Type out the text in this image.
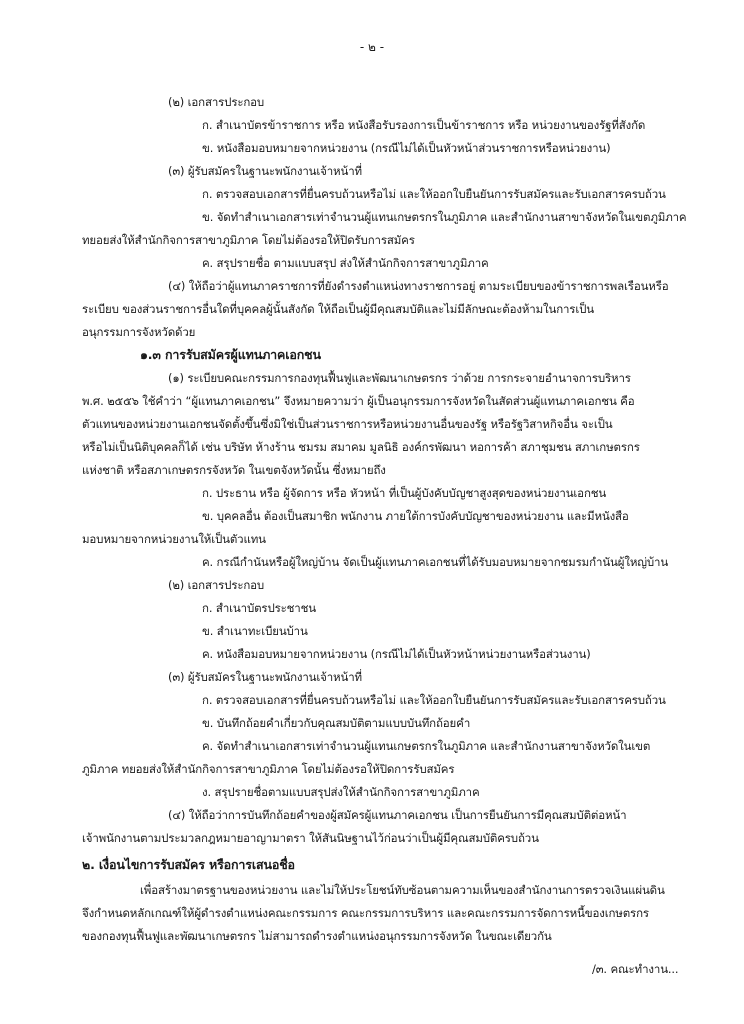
- ๒ -
(๒) เอกสารประกอบ
ก. สำเนาบัตรข้าราชการ หรือ หนังสือรับรองการเป็นข้าราชการ หรือ หน่วยงานของรัฐที่สังกัด
ข. หนังสือมอบหมายจากหน่วยงาน (กรณีไม่ได้เป็นหัวหน้าส่วนราชการหรือหน่วยงาน)
(๓) ผู้รับสมัครในฐานะพนักงานเจ้าหน้าที่
ก. ตรวจสอบเอกสารที่ยื่นครบถ้วนหรือไม่ และให้ออกใบยืนยันการรับสมัครและรับเอกสารครบถ้วน
ข. จัดทำสำเนาเอกสารเท่าจำนวนผู้แทนเกษตรกรในภูมิภาค และสำนักงานสาขาจังหวัดในเขตภูมิภาค
ทยอยส่งให้สำนักกิจการสาขาภูมิภาค โดยไม่ต้องรอให้ปิดรับการสมัคร
ค. สรุปรายชื่อ ตามแบบสรุป ส่งให้สำนักกิจการสาขาภูมิภาค
(๔) ให้ถือว่าผู้แทนภาคราชการที่ยังดำรงตำแหน่งทางราชการอยู่ ตามระเบียบของข้าราชการพลเรือนหรือ
ระเบียบ ของส่วนราชการอื่นใดที่บุคคลผู้นั้นสังกัด ให้ถือเป็นผู้มีคุณสมบัติและไม่มีลักษณะต้องห้ามในการเป็น
อนุกรรมการจังหวัดด้วย
๑.๓ การรับสมัครผู้แทนภาคเอกชน
(๑) ระเบียบคณะกรรมการกองทุนฟื้นฟูและพัฒนาเกษตรกร ว่าด้วย การกระจายอำนาจการบริหาร
พ.ศ. ๒๕๕๖ ใช้คำว่า “ผู้แทนภาคเอกชน” จึงหมายความว่า ผู้เป็นอนุกรรมการจังหวัดในสัดส่วนผู้แทนภาคเอกชน คือ
ตัวแทนของหน่วยงานเอกชนจัดตั้งขึ้นซึ่งมิใช่เป็นส่วนราชการหรือหน่วยงานอื่นของรัฐ หรือรัฐวิสาหกิจอื่น จะเป็น
หรือไม่เป็นนิติบุคคลก็ได้ เช่น บริษัท ห้างร้าน ชมรม สมาคม มูลนิธิ องค์กรพัฒนา หอการค้า สภาชุมชน สภาเกษตรกร
แห่งชาติ หรือสภาเกษตรกรจังหวัด ในเขตจังหวัดนั้น ซึ่งหมายถึง
ก. ประธาน หรือ ผู้จัดการ หรือ หัวหน้า ที่เป็นผู้บังคับบัญชาสูงสุดของหน่วยงานเอกชน
ข. บุคคลอื่น ต้องเป็นสมาชิก พนักงาน ภายใต้การบังคับบัญชาของหน่วยงาน และมีหนังสือ
มอบหมายจากหน่วยงานให้เป็นตัวแทน
ค. กรณีกำนันหรือผู้ใหญ่บ้าน จัดเป็นผู้แทนภาคเอกชนที่ได้รับมอบหมายจากชมรมกำนันผู้ใหญ่บ้าน
(๒) เอกสารประกอบ
ก. สำเนาบัตรประชาชน
ข. สำเนาทะเบียนบ้าน
ค. หนังสือมอบหมายจากหน่วยงาน (กรณีไม่ได้เป็นหัวหน้าหน่วยงานหรือส่วนงาน)
(๓) ผู้รับสมัครในฐานะพนักงานเจ้าหน้าที่
ก. ตรวจสอบเอกสารที่ยื่นครบถ้วนหรือไม่ และให้ออกใบยืนยันการรับสมัครและรับเอกสารครบถ้วน
ข. บันทึกถ้อยคำเกี่ยวกับคุณสมบัติตามแบบบันทึกถ้อยคำ
ค. จัดทำสำเนาเอกสารเท่าจำนวนผู้แทนเกษตรกรในภูมิภาค และสำนักงานสาขาจังหวัดในเขต
ภูมิภาค ทยอยส่งให้สำนักกิจการสาขาภูมิภาค โดยไม่ต้องรอให้ปิดการรับสมัคร
ง. สรุปรายชื่อตามแบบสรุปส่งให้สำนักกิจการสาขาภูมิภาค
(๔) ให้ถือว่าการบันทึกถ้อยคำของผู้สมัครผู้แทนภาคเอกชน เป็นการยืนยันการมีคุณสมบัติต่อหน้า
เจ้าพนักงานตามประมวลกฎหมายอาญามาตรา ให้สันนิษฐานไว้ก่อนว่าเป็นผู้มีคุณสมบัติครบถ้วน
๒. เงื่อนไขการรับสมัคร หรือการเสนอชื่อ
เพื่อสร้างมาตรฐานของหน่วยงาน และไม่ให้ประโยชน์ทับซ้อนตามความเห็นของสำนักงานการตรวจเงินแผ่นดิน
จึงกำหนดหลักเกณฑ์ให้ผู้ดำรงตำแหน่งคณะกรรมการ คณะกรรมการบริหาร และคณะกรรมการจัดการหนี้ของเกษตรกร
ของกองทุนฟื้นฟูและพัฒนาเกษตรกร ไม่สามารถดำรงตำแหน่งอนุกรรมการจังหวัด ในขณะเดียวกัน
/๓. คณะทำงาน...
